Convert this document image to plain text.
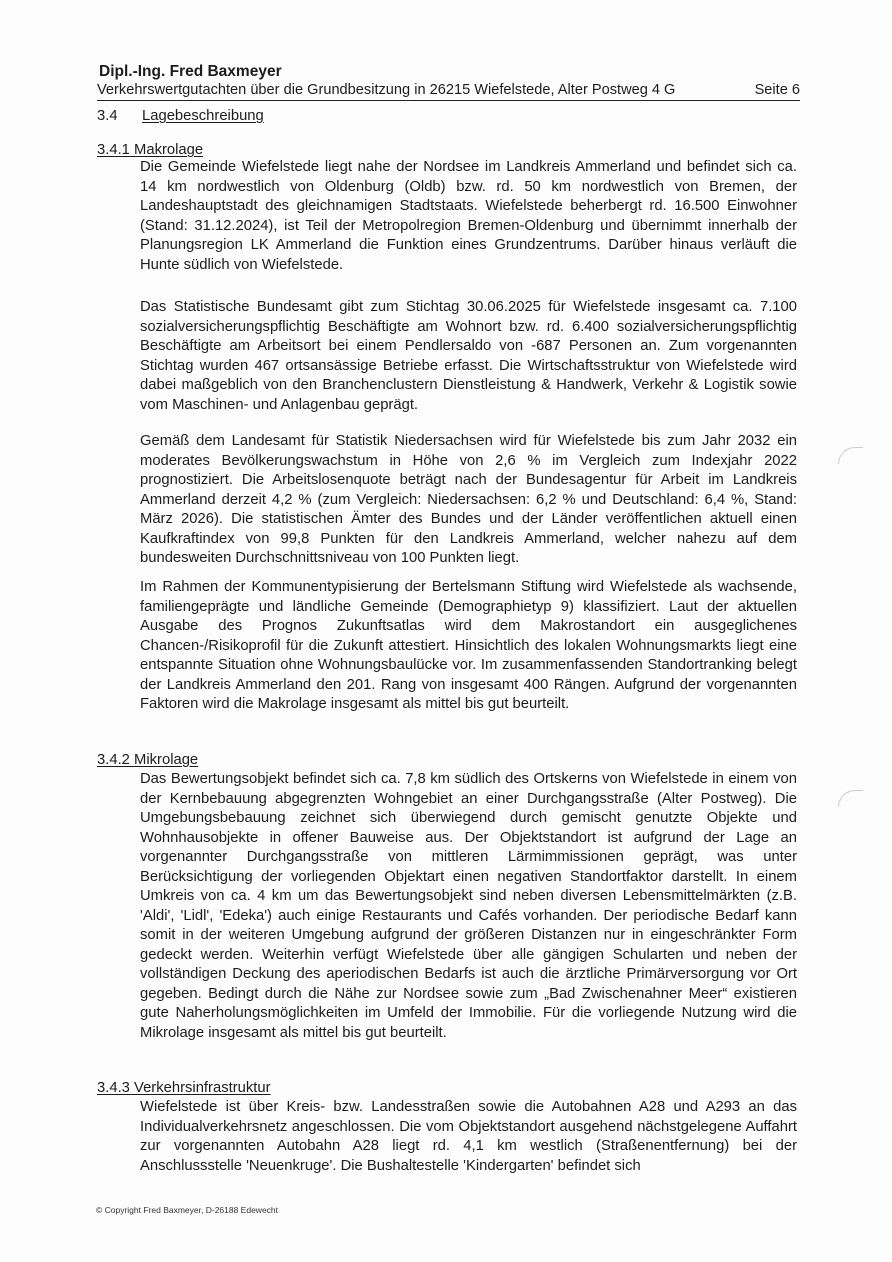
Dipl.-Ing. Fred Baxmeyer
Verkehrswertgutachten über die Grundbesitzung in 26215 Wiefelstede, Alter Postweg 4 G	Seite 6
3.4 Lagebeschreibung
3.4.1 Makrolage

Die Gemeinde Wiefelstede liegt nahe der Nordsee im Landkreis Ammerland und befindet sich ca. 14 km nordwestlich von Oldenburg (Oldb) bzw. rd. 50 km nordwestlich von Bremen, der Landeshauptstadt des gleichnamigen Stadtstaats. Wiefelstede beherbergt rd. 16.500 Einwohner (Stand: 31.12.2024), ist Teil der Metropolregion Bremen-Oldenburg und übernimmt innerhalb der Planungsregion LK Ammerland die Funktion eines Grundzentrums. Darüber hinaus verläuft die Hunte südlich von Wiefelstede.

Das Statistische Bundesamt gibt zum Stichtag 30.06.2025 für Wiefelstede insgesamt ca. 7.100 sozialversicherungspflichtig Beschäftigte am Wohnort bzw. rd. 6.400 sozialversicherungspflichtig Beschäftigte am Arbeitsort bei einem Pendlersaldo von -687 Personen an. Zum vorgenannten Stichtag wurden 467 ortsansässige Betriebe erfasst. Die Wirtschaftsstruktur von Wiefelstede wird dabei maßgeblich von den Branchenclustern Dienstleistung & Handwerk, Verkehr & Logistik sowie vom Maschinen- und Anlagenbau geprägt.

Gemäß dem Landesamt für Statistik Niedersachsen wird für Wiefelstede bis zum Jahr 2032 ein moderates Bevölkerungswachstum in Höhe von 2,6 % im Vergleich zum Indexjahr 2022 prognostiziert. Die Arbeitslosenquote beträgt nach der Bundesagentur für Arbeit im Landkreis Ammerland derzeit 4,2 % (zum Vergleich: Niedersachsen: 6,2 % und Deutschland: 6,4 %, Stand: März 2026). Die statistischen Ämter des Bundes und der Länder veröffentlichen aktuell einen Kaufkraftindex von 99,8 Punkten für den Landkreis Ammerland, welcher nahezu auf dem bundesweiten Durchschnittsniveau von 100 Punkten liegt.

Im Rahmen der Kommunentypisierung der Bertelsmann Stiftung wird Wiefelstede als wachsende, familiengeprägte und ländliche Gemeinde (Demographietyp 9) klassifiziert. Laut der aktuellen Ausgabe des Prognos Zukunftsatlas wird dem Makrostandort ein ausgeglichenes Chancen-/Risikoprofil für die Zukunft attestiert. Hinsichtlich des lokalen Wohnungsmarkts liegt eine entspannte Situation ohne Wohnungsbaulücke vor. Im zusammenfassenden Standortranking belegt der Landkreis Ammerland den 201. Rang von insgesamt 400 Rängen. Aufgrund der vorgenannten Faktoren wird die Makrolage insgesamt als mittel bis gut beurteilt.

3.4.2 Mikrolage

Das Bewertungsobjekt befindet sich ca. 7,8 km südlich des Ortskerns von Wiefelstede in einem von der Kernbebauung abgegrenzten Wohngebiet an einer Durchgangsstraße (Alter Postweg). Die Umgebungsbebauung zeichnet sich überwiegend durch gemischt genutzte Objekte und Wohnhausobjekte in offener Bauweise aus. Der Objektstandort ist aufgrund der Lage an vorgenannter Durchgangsstraße von mittleren Lärmimmissionen geprägt, was unter Berücksichtigung der vorliegenden Objektart einen negativen Standortfaktor darstellt. In einem Umkreis von ca. 4 km um das Bewertungsobjekt sind neben diversen Lebensmittelmärkten (z.B. 'Aldi', 'Lidl', 'Edeka') auch einige Restaurants und Cafés vorhanden. Der periodische Bedarf kann somit in der weiteren Umgebung aufgrund der größeren Distanzen nur in eingeschränkter Form gedeckt werden. Weiterhin verfügt Wiefelstede über alle gängigen Schularten und neben der vollständigen Deckung des aperiodischen Bedarfs ist auch die ärztliche Primärversorgung vor Ort gegeben. Bedingt durch die Nähe zur Nordsee sowie zum „Bad Zwischenahner Meer“ existieren gute Naherholungsmöglichkeiten im Umfeld der Immobilie. Für die vorliegende Nutzung wird die Mikrolage insgesamt als mittel bis gut beurteilt.

3.4.3 Verkehrsinfrastruktur

Wiefelstede ist über Kreis- bzw. Landesstraßen sowie die Autobahnen A28 und A293 an das Individualverkehrsnetz angeschlossen. Die vom Objektstandort ausgehend nächstgelegene Auffahrt zur vorgenannten Autobahn A28 liegt rd. 4,1 km westlich (Straßenentfernung) bei der Anschlussstelle 'Neuenkruge'. Die Bushaltestelle 'Kindergarten' befindet sich

© Copyright Fred Baxmeyer, D-26188 Edewecht
